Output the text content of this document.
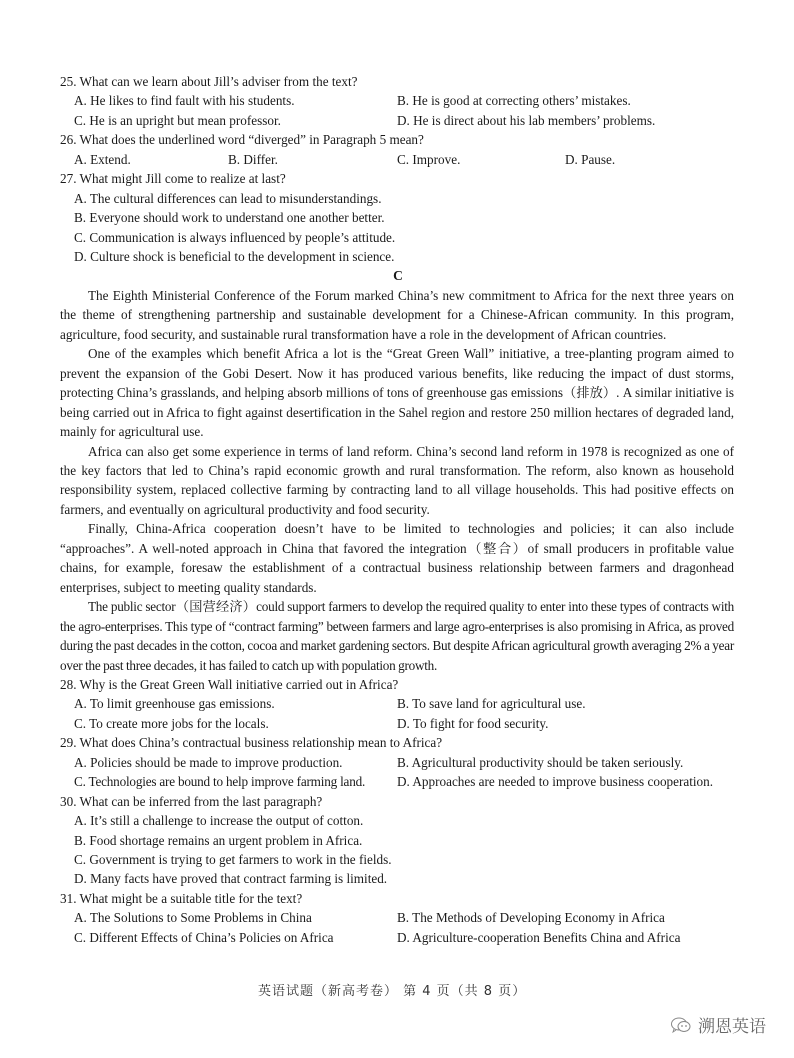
25. What can we learn about Jill’s adviser from the text?
A. He likes to find fault with his students.	B. He is good at correcting others’ mistakes.
C. He is an upright but mean professor.	D. He is direct about his lab members’ problems.
26. What does the underlined word “diverged” in Paragraph 5 mean?
A. Extend.	B. Differ.	C. Improve.	D. Pause.
27. What might Jill come to realize at last?
A. The cultural differences can lead to misunderstandings.
B. Everyone should work to understand one another better.
C. Communication is always influenced by people’s attitude.
D. Culture shock is beneficial to the development in science.
C
The Eighth Ministerial Conference of the Forum marked China’s new commitment to Africa for the next three years on the theme of strengthening partnership and sustainable development for a Chinese-African community. In this program, agriculture, food security, and sustainable rural transformation have a role in the development of African countries.
One of the examples which benefit Africa a lot is the “Great Green Wall” initiative, a tree-planting program aimed to prevent the expansion of the Gobi Desert. Now it has produced various benefits, like reducing the impact of dust storms, protecting China’s grasslands, and helping absorb millions of tons of greenhouse gas emissions（排放）. A similar initiative is being carried out in Africa to fight against desertification in the Sahel region and restore 250 million hectares of degraded land, mainly for agricultural use.
Africa can also get some experience in terms of land reform. China’s second land reform in 1978 is recognized as one of the key factors that led to China’s rapid economic growth and rural transformation. The reform, also known as household responsibility system, replaced collective farming by contracting land to all village households. This had positive effects on farmers, and eventually on agricultural productivity and food security.
Finally, China-Africa cooperation doesn’t have to be limited to technologies and policies; it can also include “approaches”. A well-noted approach in China that favored the integration（整合）of small producers in profitable value chains, for example, foresaw the establishment of a contractual business relationship between farmers and dragonhead enterprises, subject to meeting quality standards.
The public sector（国营经济）could support farmers to develop the required quality to enter into these types of contracts with the agro-enterprises. This type of “contract farming” between farmers and large agro-enterprises is also promising in Africa, as proved during the past decades in the cotton, cocoa and market gardening sectors. But despite African agricultural growth averaging 2% a year over the past three decades, it has failed to catch up with population growth.
28. Why is the Great Green Wall initiative carried out in Africa?
A. To limit greenhouse gas emissions.	B. To save land for agricultural use.
C. To create more jobs for the locals.	D. To fight for food security.
29. What does China’s contractual business relationship mean to Africa?
A. Policies should be made to improve production.	B. Agricultural productivity should be taken seriously.
C. Technologies are bound to help improve farming land. D. Approaches are needed to improve business cooperation.
30. What can be inferred from the last paragraph?
A. It’s still a challenge to increase the output of cotton.
B. Food shortage remains an urgent problem in Africa.
C. Government is trying to get farmers to work in the fields.
D. Many facts have proved that contract farming is limited.
31. What might be a suitable title for the text?
A. The Solutions to Some Problems in China	B. The Methods of Developing Economy in Africa
C. Different Effects of China’s Policies on Africa	D. Agriculture-cooperation Benefits China and Africa
英语试题（新高考卷） 第 4 页（共 8 页）
溯恩英语
